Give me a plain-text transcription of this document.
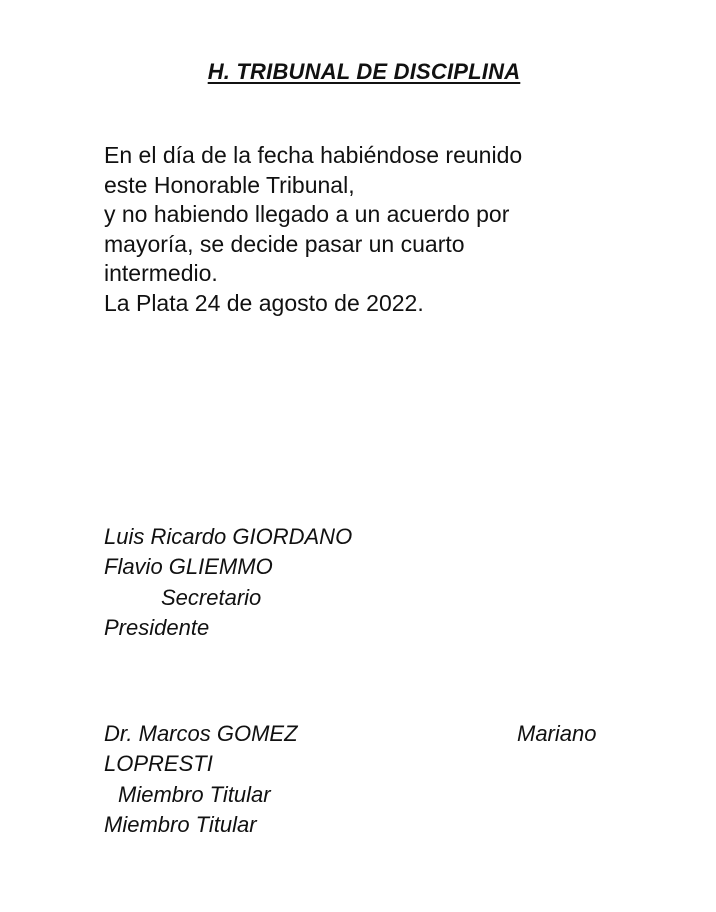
H. TRIBUNAL DE DISCIPLINA
En el día de la fecha habiéndose reunido
este Honorable Tribunal,
y no habiendo llegado a un acuerdo por
mayoría, se decide pasar un cuarto
intermedio.
La Plata 24 de agosto de 2022.
Luis Ricardo GIORDANO
Flavio GLIEMMO
Secretario
Presidente
Dr. Marcos GOMEZ	Mariano
LOPRESTI
Miembro Titular
Miembro Titular
